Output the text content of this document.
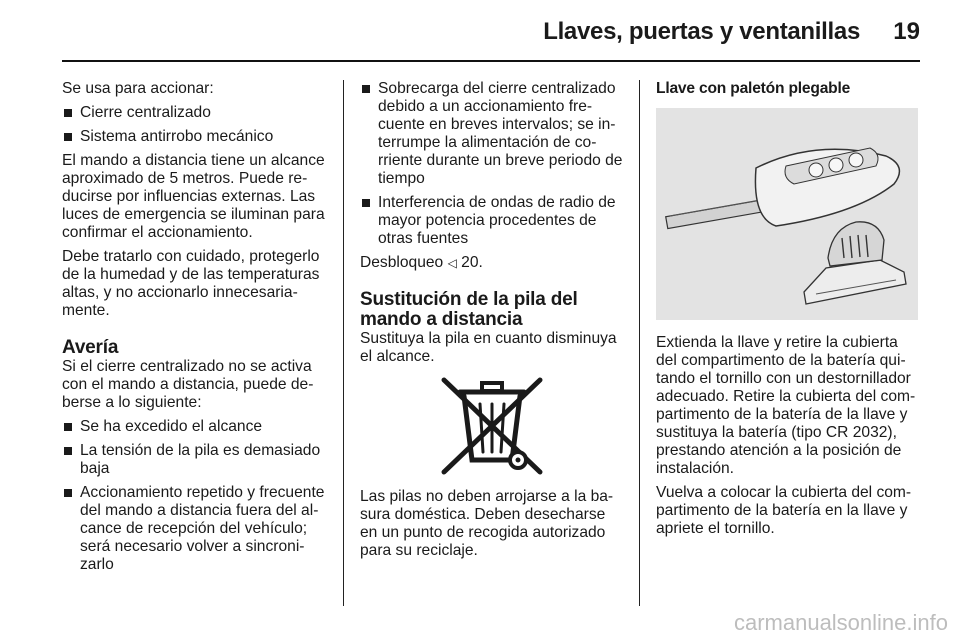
Llaves, puertas y ventanillas	19

Se usa para accionar:

Cierre centralizado
Sistema antirrobo mecánico

El mando a distancia tiene un alcance aproximado de 5 metros. Puede re-ducirse por influencias externas. Las luces de emergencia se iluminan para confirmar el accionamiento.

Debe tratarlo con cuidado, protegerlo de la humedad y de las temperaturas altas, y no accionarlo innecesaria-mente.

Avería

Si el cierre centralizado no se activa con el mando a distancia, puede de-berse a lo siguiente:

Se ha excedido el alcance
La tensión de la pila es demasiado baja
Accionamiento repetido y frecuente del mando a distancia fuera del al-cance de recepción del vehículo; será necesario volver a sincroni-zarlo
Sobrecarga del cierre centralizado debido a un accionamiento fre-cuente en breves intervalos; se in-terrumpe la alimentación de co-rriente durante un breve periodo de tiempo
Interferencia de ondas de radio de mayor potencia procedentes de otras fuentes

Desbloqueo ◁ 20.

Sustitución de la pila del mando a distancia

Sustituya la pila en cuanto disminuya el alcance.

Las pilas no deben arrojarse a la ba-sura doméstica. Deben desecharse en un punto de recogida autorizado para su reciclaje.

Llave con paletón plegable

Extienda la llave y retire la cubierta del compartimento de la batería qui-tando el tornillo con un destornillador adecuado. Retire la cubierta del com-partimento de la batería de la llave y sustituya la batería (tipo CR 2032), prestando atención a la posición de instalación.

Vuelva a colocar la cubierta del com-partimento de la batería en la llave y apriete el tornillo.

carmanualsonline.info
